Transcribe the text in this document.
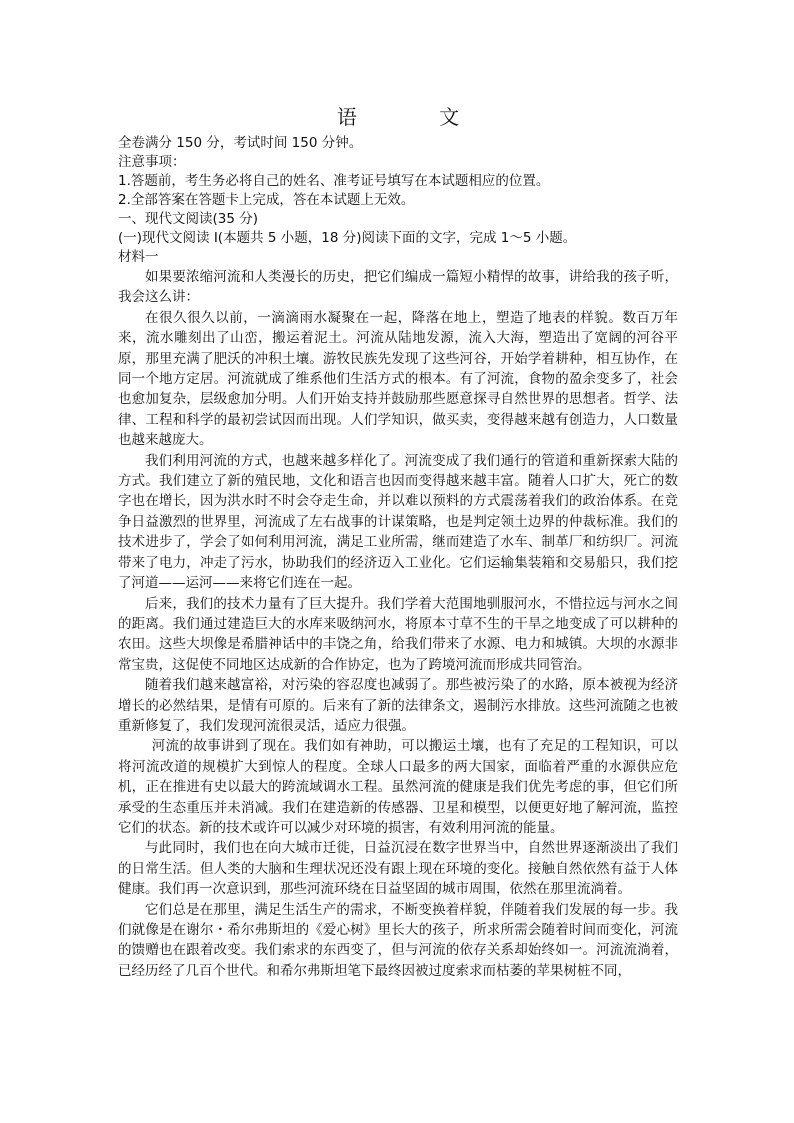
语 文

全卷满分 150 分，考试时间 150 分钟。

注意事项：

1.答题前，考生务必将自己的姓名、准考证号填写在本试题相应的位置。

2.全部答案在答题卡上完成，答在本试题上无效。

一、现代文阅读(35 分)

(一)现代文阅读 I(本题共 5 小题，18 分)阅读下面的文字，完成 1～5 小题。

材料一

如果要浓缩河流和人类漫长的历史，把它们编成一篇短小精悍的故事，讲给我的孩子听，我会这么讲：

在很久很久以前，一滴滴雨水凝聚在一起，降落在地上，塑造了地表的样貌。数百万年来，流水雕刻出了山峦，搬运着泥土。河流从陆地发源，流入大海，塑造出了宽阔的河谷平原，那里充满了肥沃的冲积土壤。游牧民族先发现了这些河谷，开始学着耕种，相互协作，在同一个地方定居。河流就成了维系他们生活方式的根本。有了河流，食物的盈余变多了，社会也愈加复杂，层级愈加分明。人们开始支持并鼓励那些愿意探寻自然世界的思想者。哲学、法律、工程和科学的最初尝试因而出现。人们学知识，做买卖，变得越来越有创造力，人口数量也越来越庞大。

我们利用河流的方式，也越来越多样化了。河流变成了我们通行的管道和重新探索大陆的方式。我们建立了新的殖民地，文化和语言也因而变得越来越丰富。随着人口扩大，死亡的数字也在增长，因为洪水时不时会夺走生命，并以难以预料的方式震荡着我们的政治体系。在竞争日益激烈的世界里，河流成了左右战事的计谋策略，也是判定领土边界的仲裁标准。我们的技术进步了，学会了如何利用河流，满足工业所需，继而建造了水车、制革厂和纺织厂。河流带来了电力，冲走了污水，协助我们的经济迈入工业化。它们运输集装箱和交易船只，我们挖了河道——运河——来将它们连在一起。

后来，我们的技术力量有了巨大提升。我们学着大范围地驯服河水，不惜拉远与河水之间的距离。我们通过建造巨大的水库来吸纳河水，将原本寸草不生的干旱之地变成了可以耕种的农田。这些大坝像是希腊神话中的丰饶之角，给我们带来了水源、电力和城镇。大坝的水源非常宝贵，这促使不同地区达成新的合作协定，也为了跨境河流而形成共同管治。

随着我们越来越富裕，对污染的容忍度也减弱了。那些被污染了的水路，原本被视为经济增长的必然结果，是情有可原的。后来有了新的法律条文，遏制污水排放。这些河流随之也被重新修复了，我们发现河流很灵活，适应力很强。

河流的故事讲到了现在。我们如有神助，可以搬运土壤，也有了充足的工程知识，可以将河流改道的规模扩大到惊人的程度。全球人口最多的两大国家，面临着严重的水源供应危机，正在推进有史以最大的跨流域调水工程。虽然河流的健康是我们优先考虑的事，但它们所承受的生态重压并未消减。我们在建造新的传感器、卫星和模型，以便更好地了解河流，监控它们的状态。新的技术或许可以减少对环境的损害，有效利用河流的能量。

与此同时，我们也在向大城市迁徙，日益沉浸在数字世界当中，自然世界逐渐淡出了我们的日常生活。但人类的大脑和生理状况还没有跟上现在环境的变化。接触自然依然有益于人体健康。我们再一次意识到，那些河流环绕在日益坚固的城市周围，依然在那里流淌着。

它们总是在那里，满足生活生产的需求，不断变换着样貌，伴随着我们发展的每一步。我们就像是在谢尔・希尔弗斯坦的《爱心树》里长大的孩子，所求所需会随着时间而变化，河流的馈赠也在跟着改变。我们索求的东西变了，但与河流的依存关系却始终如一。河流流淌着，已经历经了几百个世代。和希尔弗斯坦笔下最终因被过度索求而枯萎的苹果树桩不同，
